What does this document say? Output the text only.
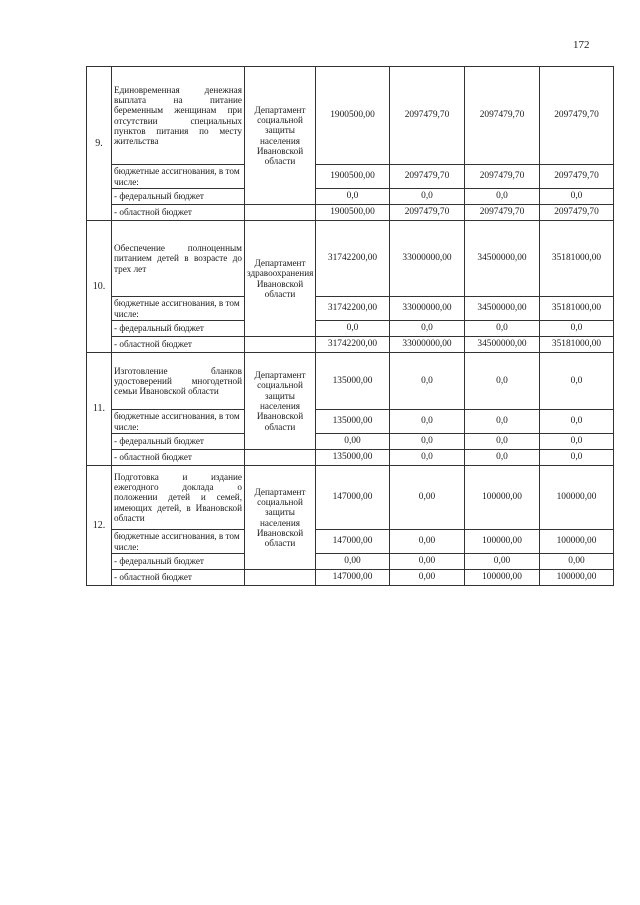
172
9.	Единовременная денежная выплата на питание беременным женщинам при отсутствии специальных пунктов питания по месту жительства	Департамент социальной защиты населения Ивановской области	1900500,00	2097479,70	2097479,70	2097479,70
	бюджетные ассигнования, в том числе:		1900500,00	2097479,70	2097479,70	2097479,70
	- федеральный бюджет		0,0	0,0	0,0	0,0
	- областной бюджет		1900500,00	2097479,70	2097479,70	2097479,70
10.	Обеспечение полноценным питанием детей в возрасте до трех лет	Департамент здравоохранения Ивановской области	31742200,00	33000000,00	34500000,00	35181000,00
	бюджетные ассигнования, в том числе:		31742200,00	33000000,00	34500000,00	35181000,00
	- федеральный бюджет		0,0	0,0	0,0	0,0
	- областной бюджет		31742200,00	33000000,00	34500000,00	35181000,00
11.	Изготовление бланков удостоверений многодетной семьи Ивановской области	Департамент социальной защиты населения Ивановской области	135000,00	0,0	0,0	0,0
	бюджетные ассигнования, в том числе:		135000,00	0,0	0,0	0,0
	- федеральный бюджет		0,00	0,0	0,0	0,0
	- областной бюджет		135000,00	0,0	0,0	0,0
12.	Подготовка и издание ежегодного доклада о положении детей и семей, имеющих детей, в Ивановской области	Департамент социальной защиты населения Ивановской области	147000,00	0,00	100000,00	100000,00
	бюджетные ассигнования, в том числе:		147000,00	0,00	100000,00	100000,00
	- федеральный бюджет		0,00	0,00	0,00	0,00
	- областной бюджет		147000,00	0,00	100000,00	100000,00
